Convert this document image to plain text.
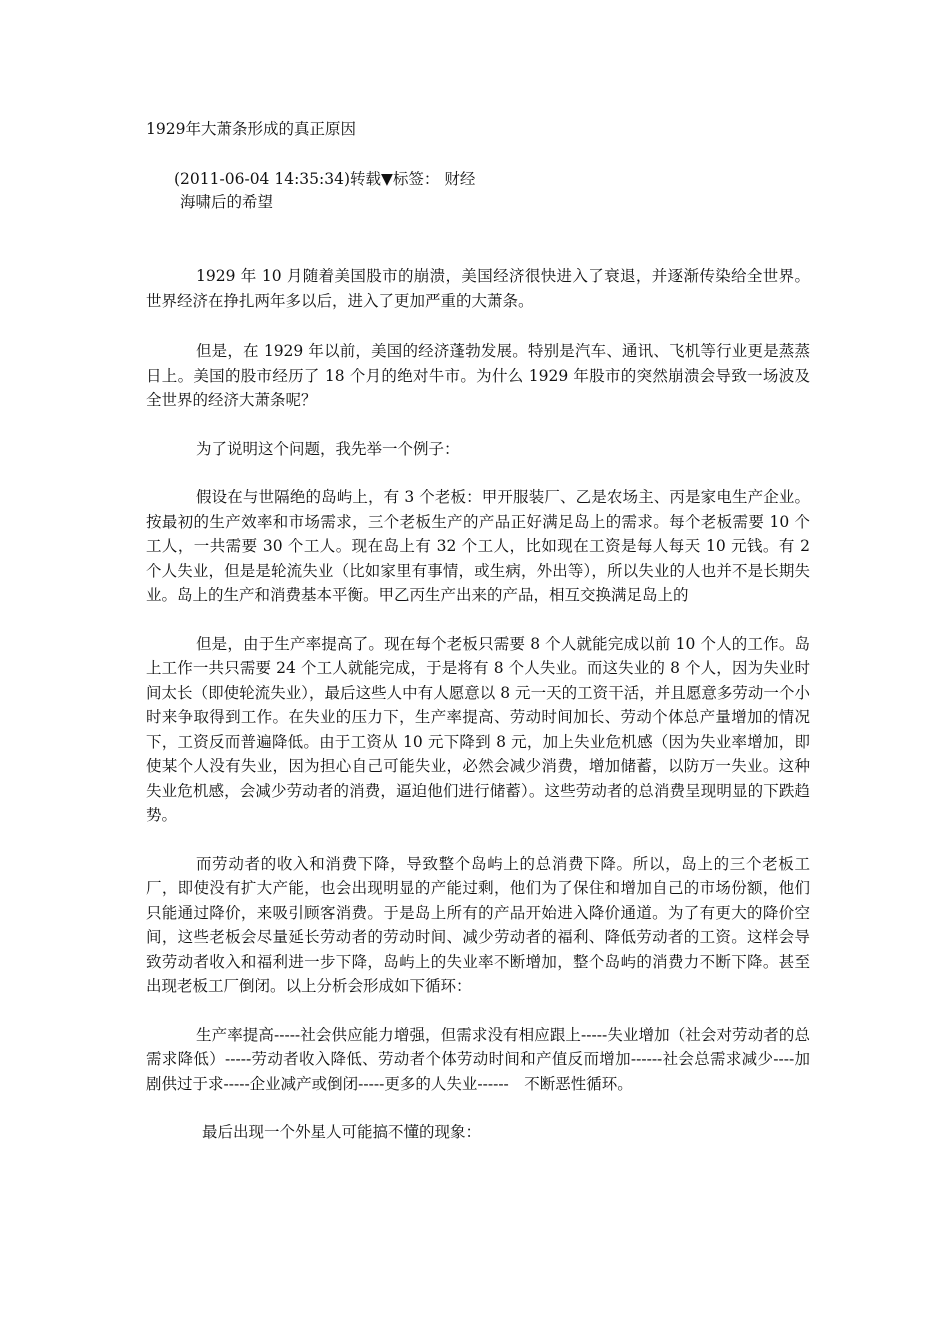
1929年大萧条形成的真正原因
(2011-06-04 14:35:34)转载▼标签： 财经
海啸后的希望

1929 年 10 月随着美国股市的崩溃，美国经济很快进入了衰退，并逐渐传染给全世界。世界经济在挣扎两年多以后，进入了更加严重的大萧条。

但是，在 1929 年以前，美国的经济蓬勃发展。特别是汽车、通讯、飞机等行业更是蒸蒸日上。美国的股市经历了 18 个月的绝对牛市。为什么 1929 年股市的突然崩溃会导致一场波及全世界的经济大萧条呢？

为了说明这个问题，我先举一个例子：

假设在与世隔绝的岛屿上，有 3 个老板：甲开服装厂、乙是农场主、丙是家电生产企业。按最初的生产效率和市场需求，三个老板生产的产品正好满足岛上的需求。每个老板需要 10 个工人，一共需要 30 个工人。现在岛上有 32 个工人，比如现在工资是每人每天 10 元钱。有 2 个人失业，但是是轮流失业（比如家里有事情，或生病，外出等），所以失业的人也并不是长期失业。岛上的生产和消费基本平衡。甲乙丙生产出来的产品，相互交换满足岛上的

但是，由于生产率提高了。现在每个老板只需要 8 个人就能完成以前 10 个人的工作。岛上工作一共只需要 24 个工人就能完成，于是将有 8 个人失业。而这失业的 8 个人，因为失业时间太长（即使轮流失业），最后这些人中有人愿意以 8 元一天的工资干活，并且愿意多劳动一个小时来争取得到工作。在失业的压力下，生产率提高、劳动时间加长、劳动个体总产量增加的情况下，工资反而普遍降低。由于工资从 10 元下降到 8 元，加上失业危机感（因为失业率增加，即使某个人没有失业，因为担心自己可能失业，必然会减少消费，增加储蓄，以防万一失业。这种失业危机感，会减少劳动者的消费，逼迫他们进行储蓄）。这些劳动者的总消费呈现明显的下跌趋势。

而劳动者的收入和消费下降，导致整个岛屿上的总消费下降。所以，岛上的三个老板工厂，即使没有扩大产能，也会出现明显的产能过剩，他们为了保住和增加自己的市场份额，他们只能通过降价，来吸引顾客消费。于是岛上所有的产品开始进入降价通道。为了有更大的降价空间，这些老板会尽量延长劳动者的劳动时间、减少劳动者的福利、降低劳动者的工资。这样会导致劳动者收入和福利进一步下降，岛屿上的失业率不断增加，整个岛屿的消费力不断下降。甚至出现老板工厂倒闭。以上分析会形成如下循环：

生产率提高-----社会供应能力增强，但需求没有相应跟上-----失业增加（社会对劳动者的总需求降低）-----劳动者收入降低、劳动者个体劳动时间和产值反而增加------社会总需求减少----加剧供过于求-----企业减产或倒闭-----更多的人失业------　不断恶性循环。

最后出现一个外星人可能搞不懂的现象：
